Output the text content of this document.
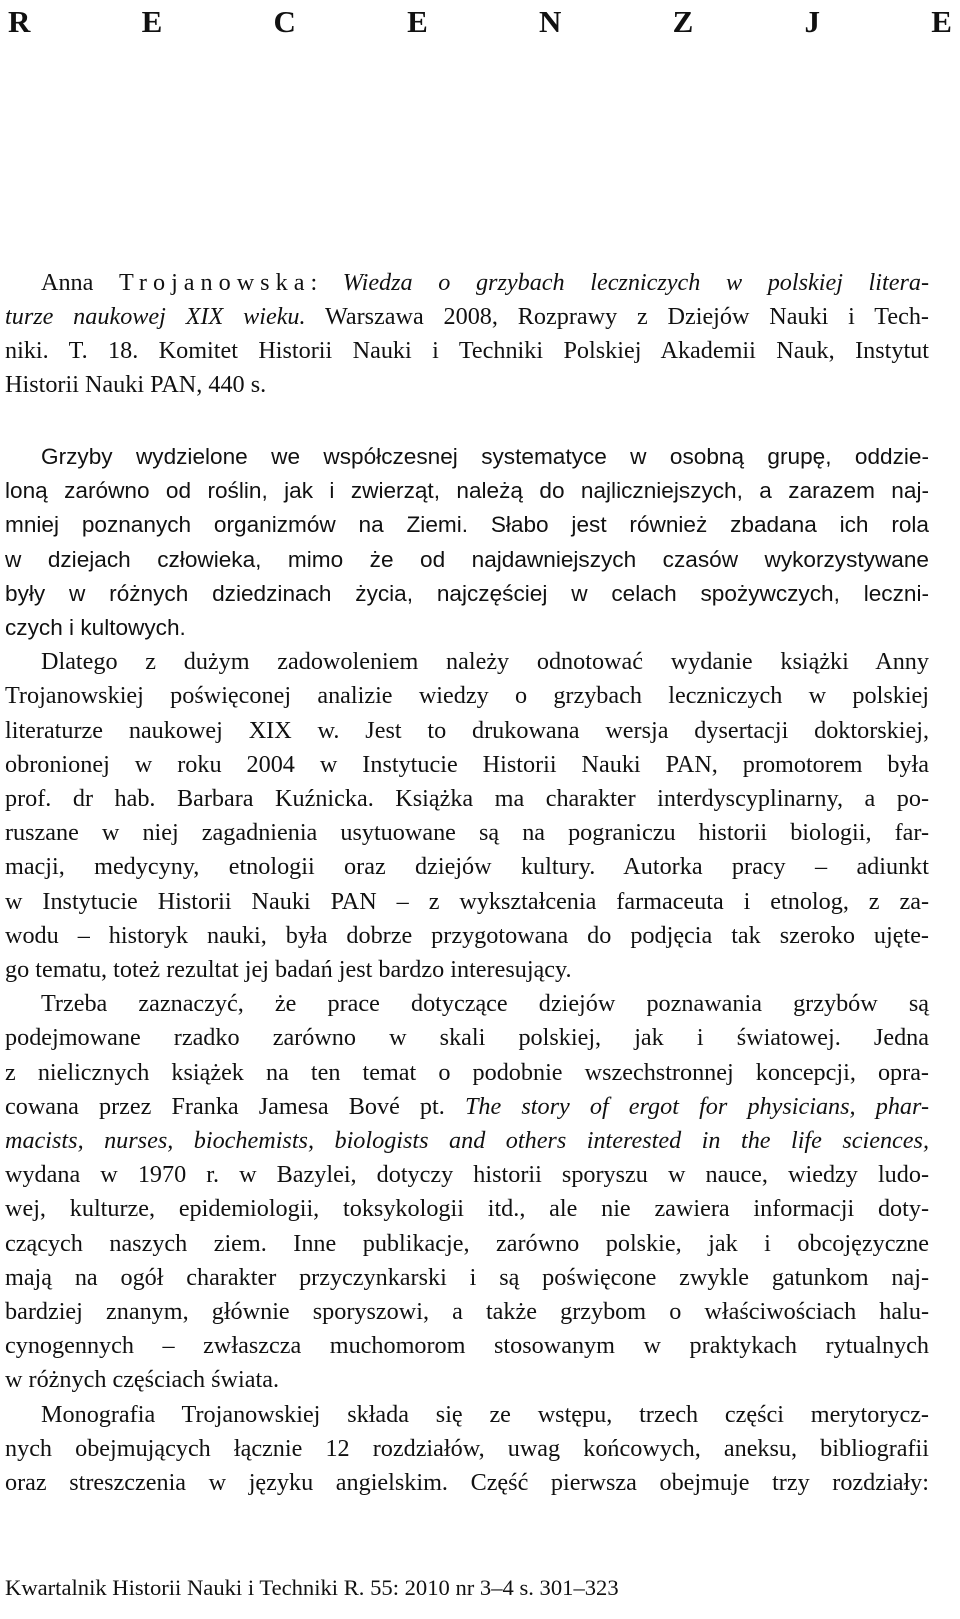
R	E	C	E	N	Z	J	E
Anna Trojanowska: Wiedza o grzybach leczniczych w polskiej litera-
turze naukowej XIX wieku. Warszawa 2008, Rozprawy z Dziejów Nauki i Tech-
niki. T. 18. Komitet Historii Nauki i Techniki Polskiej Akademii Nauk, Instytut
Historii Nauki PAN, 440 s.
Grzyby wydzielone we współczesnej systematyce w osobną grupę, oddzie-
loną zarówno od roślin, jak i zwierząt, należą do najliczniejszych, a zarazem naj-
mniej poznanych organizmów na Ziemi. Słabo jest również zbadana ich rola
w dziejach człowieka, mimo że od najdawniejszych czasów wykorzystywane
były w różnych dziedzinach życia, najczęściej w celach spożywczych, leczni-
czych i kultowych.
Dlatego z dużym zadowoleniem należy odnotować wydanie książki Anny
Trojanowskiej poświęconej analizie wiedzy o grzybach leczniczych w polskiej
literaturze naukowej XIX w. Jest to drukowana wersja dysertacji doktorskiej,
obronionej w roku 2004 w Instytucie Historii Nauki PAN, promotorem była
prof. dr hab. Barbara Kuźnicka. Książka ma charakter interdyscyplinarny, a po-
ruszane w niej zagadnienia usytuowane są na pograniczu historii biologii, far-
macji, medycyny, etnologii oraz dziejów kultury. Autorka pracy – adiunkt
w Instytucie Historii Nauki PAN – z wykształcenia farmaceuta i etnolog, z za-
wodu – historyk nauki, była dobrze przygotowana do podjęcia tak szeroko ujęte-
go tematu, toteż rezultat jej badań jest bardzo interesujący.
Trzeba zaznaczyć, że prace dotyczące dziejów poznawania grzybów są
podejmowane rzadko zarówno w skali polskiej, jak i światowej. Jedna
z nielicznych książek na ten temat o podobnie wszechstronnej koncepcji, opra-
cowana przez Franka Jamesa Bové pt. The story of ergot for physicians, phar-
macists, nurses, biochemists, biologists and others interested in the life sciences,
wydana w 1970 r. w Bazylei, dotyczy historii sporyszu w nauce, wiedzy ludo-
wej, kulturze, epidemiologii, toksykologii itd., ale nie zawiera informacji doty-
czących naszych ziem. Inne publikacje, zarówno polskie, jak i obcojęzyczne
mają na ogół charakter przyczynkarski i są poświęcone zwykle gatunkom naj-
bardziej znanym, głównie sporyszowi, a także grzybom o właściwościach halu-
cynogennych – zwłaszcza muchomorom stosowanym w praktykach rytualnych
w różnych częściach świata.
Monografia Trojanowskiej składa się ze wstępu, trzech części merytorycz-
nych obejmujących łącznie 12 rozdziałów, uwag końcowych, aneksu, bibliografii
oraz streszczenia w języku angielskim. Część pierwsza obejmuje trzy rozdziały:
Kwartalnik Historii Nauki i Techniki R. 55: 2010 nr 3–4 s. 301–323
